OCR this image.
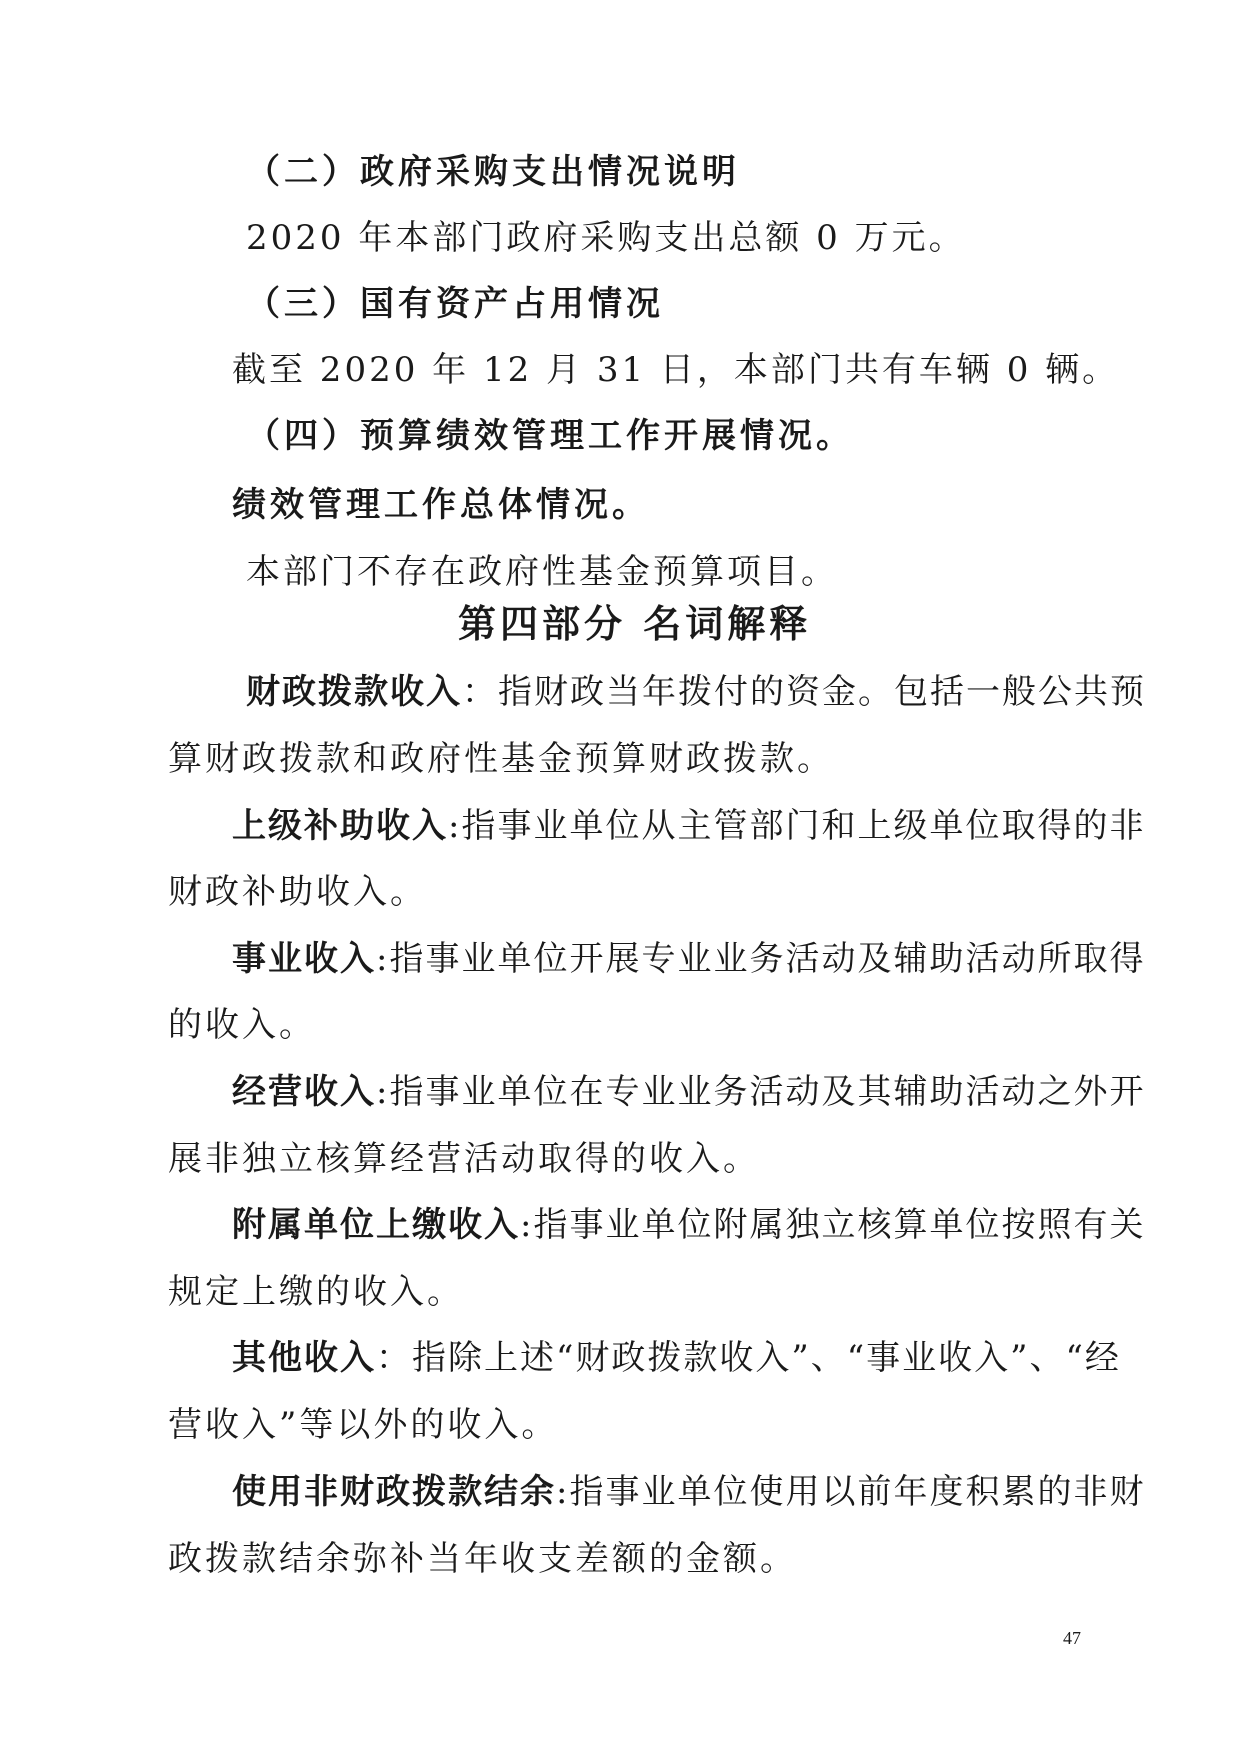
（二）政府采购支出情况说明
2020 年本部门政府采购支出总额 0 万元。
（三）国有资产占用情况
截至 2020 年 12 月 31 日，本部门共有车辆 0 辆。
（四）预算绩效管理工作开展情况。
绩效管理工作总体情况。
本部门不存在政府性基金预算项目。
第四部分 名词解释
财政拨款收入：指财政当年拨付的资金。包括一般公共预
算财政拨款和政府性基金预算财政拨款。
上级补助收入:指事业单位从主管部门和上级单位取得的非
财政补助收入。
事业收入:指事业单位开展专业业务活动及辅助活动所取得
的收入。
经营收入:指事业单位在专业业务活动及其辅助活动之外开
展非独立核算经营活动取得的收入。
附属单位上缴收入:指事业单位附属独立核算单位按照有关
规定上缴的收入。
其他收入：指除上述“财政拨款收入”、“事业收入”、“经
营收入”等以外的收入。
使用非财政拨款结余:指事业单位使用以前年度积累的非财
政拨款结余弥补当年收支差额的金额。
47
